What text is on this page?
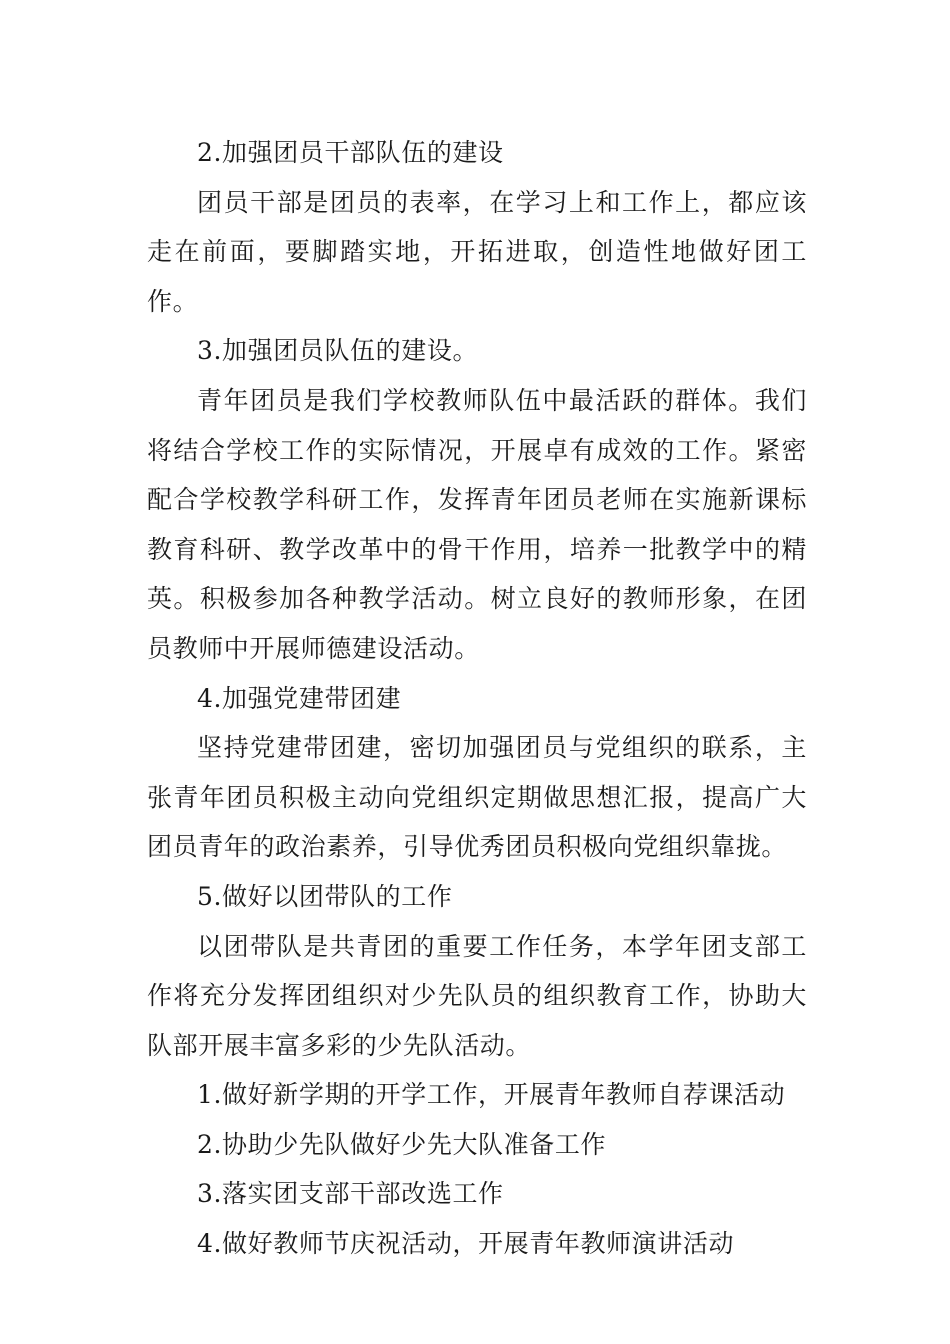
2.加强团员干部队伍的建设

团员干部是团员的表率，在学习上和工作上，都应该走在前面，要脚踏实地，开拓进取，创造性地做好团工作。

3.加强团员队伍的建设。

青年团员是我们学校教师队伍中最活跃的群体。我们将结合学校工作的实际情况，开展卓有成效的工作。紧密配合学校教学科研工作，发挥青年团员老师在实施新课标教育科研、教学改革中的骨干作用，培养一批教学中的精英。积极参加各种教学活动。树立良好的教师形象，在团员教师中开展师德建设活动。

4.加强党建带团建

坚持党建带团建，密切加强团员与党组织的联系，主张青年团员积极主动向党组织定期做思想汇报，提高广大团员青年的政治素养，引导优秀团员积极向党组织靠拢。

5.做好以团带队的工作

以团带队是共青团的重要工作任务，本学年团支部工作将充分发挥团组织对少先队员的组织教育工作，协助大队部开展丰富多彩的少先队活动。

1.做好新学期的开学工作，开展青年教师自荐课活动

2.协助少先队做好少先大队准备工作

3.落实团支部干部改选工作

4.做好教师节庆祝活动，开展青年教师演讲活动
